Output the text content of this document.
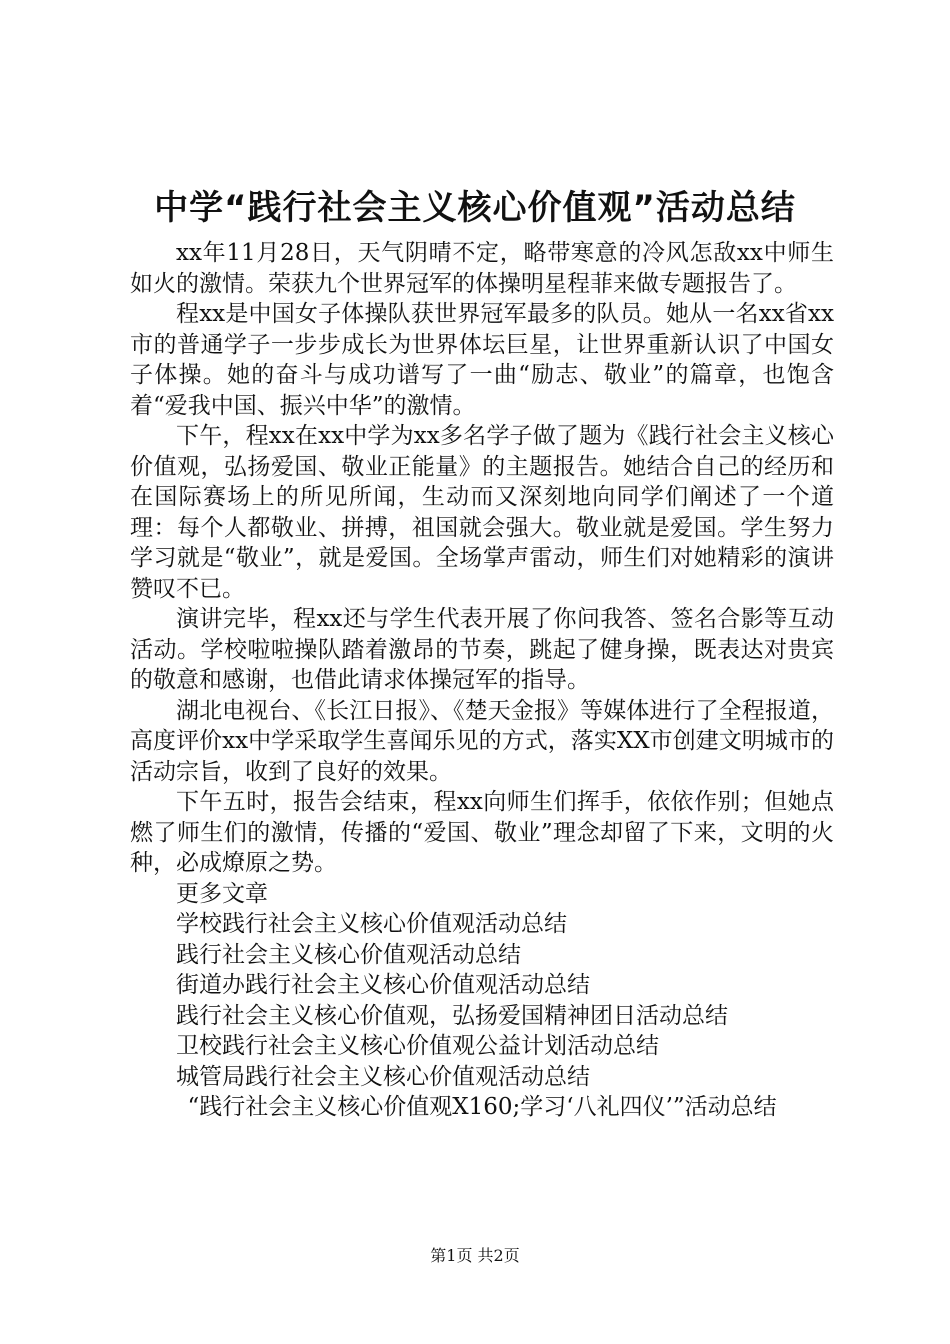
中学“践行社会主义核心价值观”活动总结

xx年11月28日，天气阴晴不定，略带寒意的冷风怎敌xx中师生如火的激情。荣获九个世界冠军的体操明星程菲来做专题报告了。

程xx是中国女子体操队获世界冠军最多的队员。她从一名xx省xx市的普通学子一步步成长为世界体坛巨星，让世界重新认识了中国女子体操。她的奋斗与成功谱写了一曲“励志、敬业”的篇章，也饱含着“爱我中国、振兴中华”的激情。

下午，程xx在xx中学为xx多名学子做了题为《践行社会主义核心价值观，弘扬爱国、敬业正能量》的主题报告。她结合自己的经历和在国际赛场上的所见所闻，生动而又深刻地向同学们阐述了一个道理：每个人都敬业、拼搏，祖国就会强大。敬业就是爱国。学生努力学习就是“敬业”，就是爱国。全场掌声雷动，师生们对她精彩的演讲赞叹不已。

演讲完毕，程xx还与学生代表开展了你问我答、签名合影等互动活动。学校啦啦操队踏着激昂的节奏，跳起了健身操，既表达对贵宾的敬意和感谢，也借此请求体操冠军的指导。

湖北电视台、《长江日报》、《楚天金报》等媒体进行了全程报道，高度评价xx中学采取学生喜闻乐见的方式，落实XX市创建文明城市的活动宗旨，收到了良好的效果。

下午五时，报告会结束，程xx向师生们挥手，依依作别；但她点燃了师生们的激情，传播的“爱国、敬业”理念却留了下来，文明的火种，必成燎原之势。

更多文章
学校践行社会主义核心价值观活动总结
践行社会主义核心价值观活动总结
街道办践行社会主义核心价值观活动总结
践行社会主义核心价值观，弘扬爱国精神团日活动总结
卫校践行社会主义核心价值观公益计划活动总结
城管局践行社会主义核心价值观活动总结
“践行社会主义核心价值观X160;学习‘八礼四仪’”活动总结
第1页 共2页
